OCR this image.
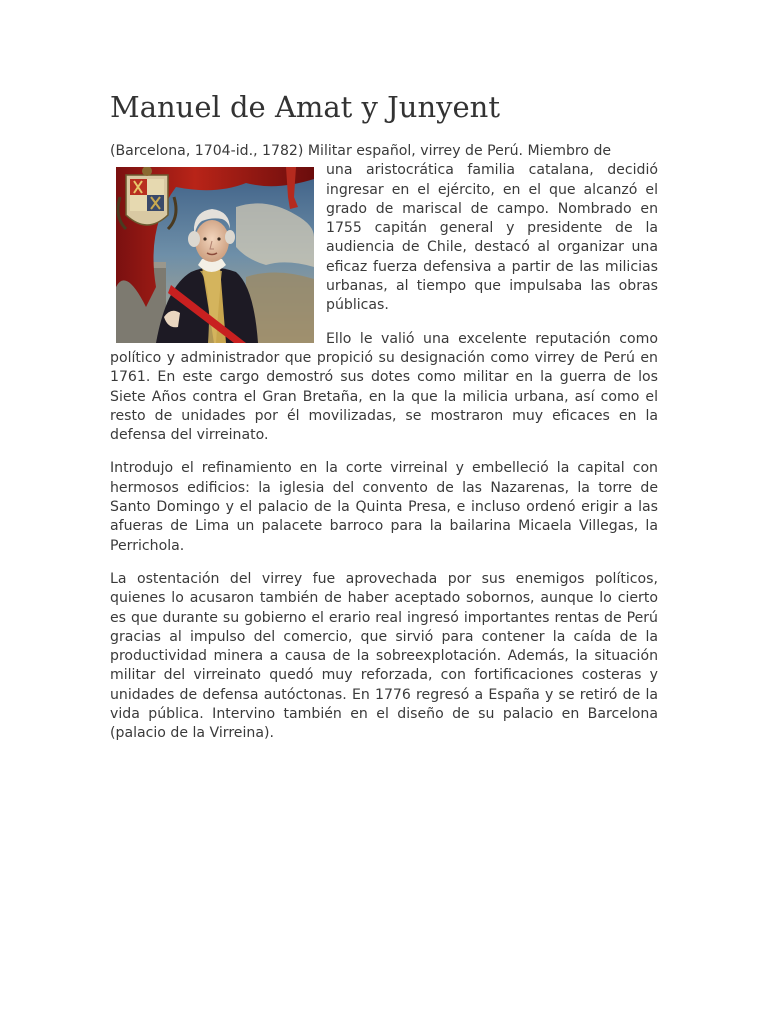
Manuel de Amat y Junyent

(Barcelona, 1704-id., 1782) Militar español, virrey de Perú. Miembro de

una aristocrática familia catalana, decidió ingresar en el ejército, en el que alcanzó el grado de mariscal de campo. Nombrado en 1755 capitán general y presidente de la audiencia de Chile, destacó al organizar una eficaz fuerza defensiva a partir de las milicias urbanas, al tiempo que impulsaba las obras públicas.

Ello le valió una excelente reputación como político y administrador que propició su designación como virrey de Perú en 1761. En este cargo demostró sus dotes como militar en la guerra de los Siete Años contra el Gran Bretaña, en la que la milicia urbana, así como el resto de unidades por él movilizadas, se mostraron muy eficaces en la defensa del virreinato.

Introdujo el refinamiento en la corte virreinal y embelleció la capital con hermosos edificios: la iglesia del convento de las Nazarenas, la torre de Santo Domingo y el palacio de la Quinta Presa, e incluso ordenó erigir a las afueras de Lima un palacete barroco para la bailarina Micaela Villegas, la Perrichola.

La ostentación del virrey fue aprovechada por sus enemigos políticos, quienes lo acusaron también de haber aceptado sobornos, aunque lo cierto es que durante su gobierno el erario real ingresó importantes rentas de Perú gracias al impulso del comercio, que sirvió para contener la caída de la productividad minera a causa de la sobreexplotación. Además, la situación militar del virreinato quedó muy reforzada, con fortificaciones costeras y unidades de defensa autóctonas. En 1776 regresó a España y se retiró de la vida pública. Intervino también en el diseño de su palacio en Barcelona (palacio de la Virreina).
